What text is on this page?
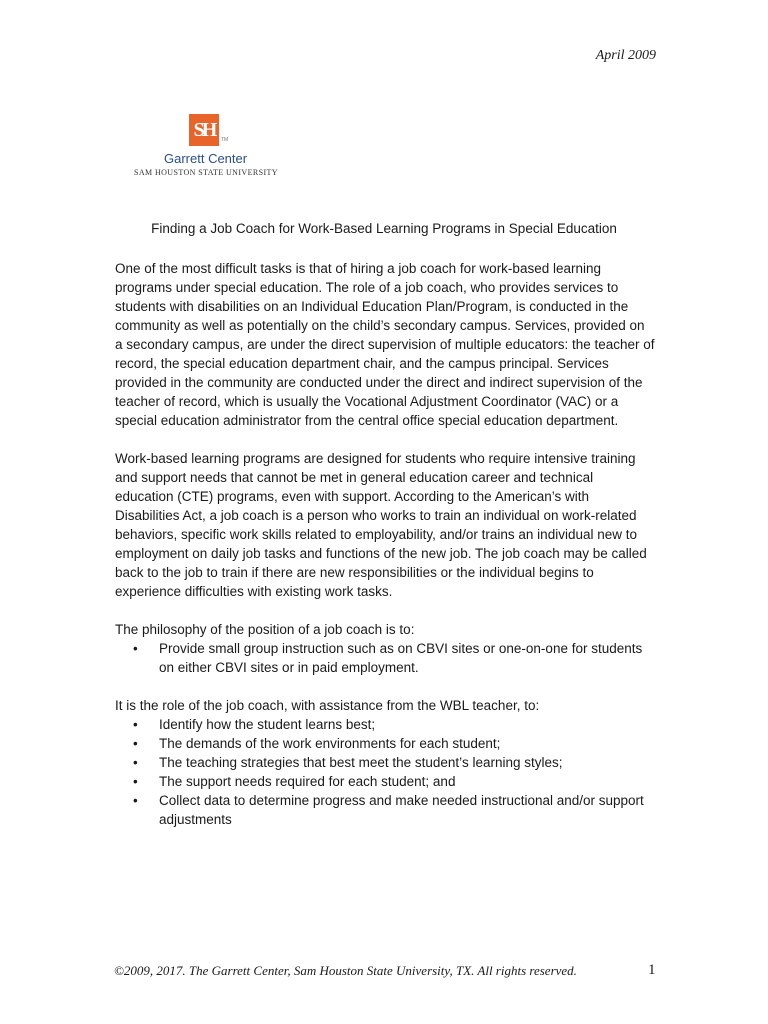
April 2009
SH	TM
Garrett Center
SAM HOUSTON STATE UNIVERSITY
Finding a Job Coach for Work-Based Learning Programs in Special Education

One of the most difficult tasks is that of hiring a job coach for work-based learning programs under special education. The role of a job coach, who provides services to students with disabilities on an Individual Education Plan/Program, is conducted in the community as well as potentially on the child’s secondary campus. Services, provided on a secondary campus, are under the direct supervision of multiple educators: the teacher of record, the special education department chair, and the campus principal. Services provided in the community are conducted under the direct and indirect supervision of the teacher of record, which is usually the Vocational Adjustment Coordinator (VAC) or a special education administrator from the central office special education department.

Work-based learning programs are designed for students who require intensive training and support needs that cannot be met in general education career and technical education (CTE) programs, even with support. According to the American’s with Disabilities Act, a job coach is a person who works to train an individual on work-related behaviors, specific work skills related to employability, and/or trains an individual new to employment on daily job tasks and functions of the new job. The job coach may be called back to the job to train if there are new responsibilities or the individual begins to experience difficulties with existing work tasks.

The philosophy of the position of a job coach is to:

• Provide small group instruction such as on CBVI sites or one-on-one for students on either CBVI sites or in paid employment.

It is the role of the job coach, with assistance from the WBL teacher, to:

• Identify how the student learns best;
• The demands of the work environments for each student;
• The teaching strategies that best meet the student’s learning styles;
• The support needs required for each student; and
• Collect data to determine progress and make needed instructional and/or support adjustments
©2009, 2017. The Garrett Center, Sam Houston State University, TX. All rights reserved.	1
